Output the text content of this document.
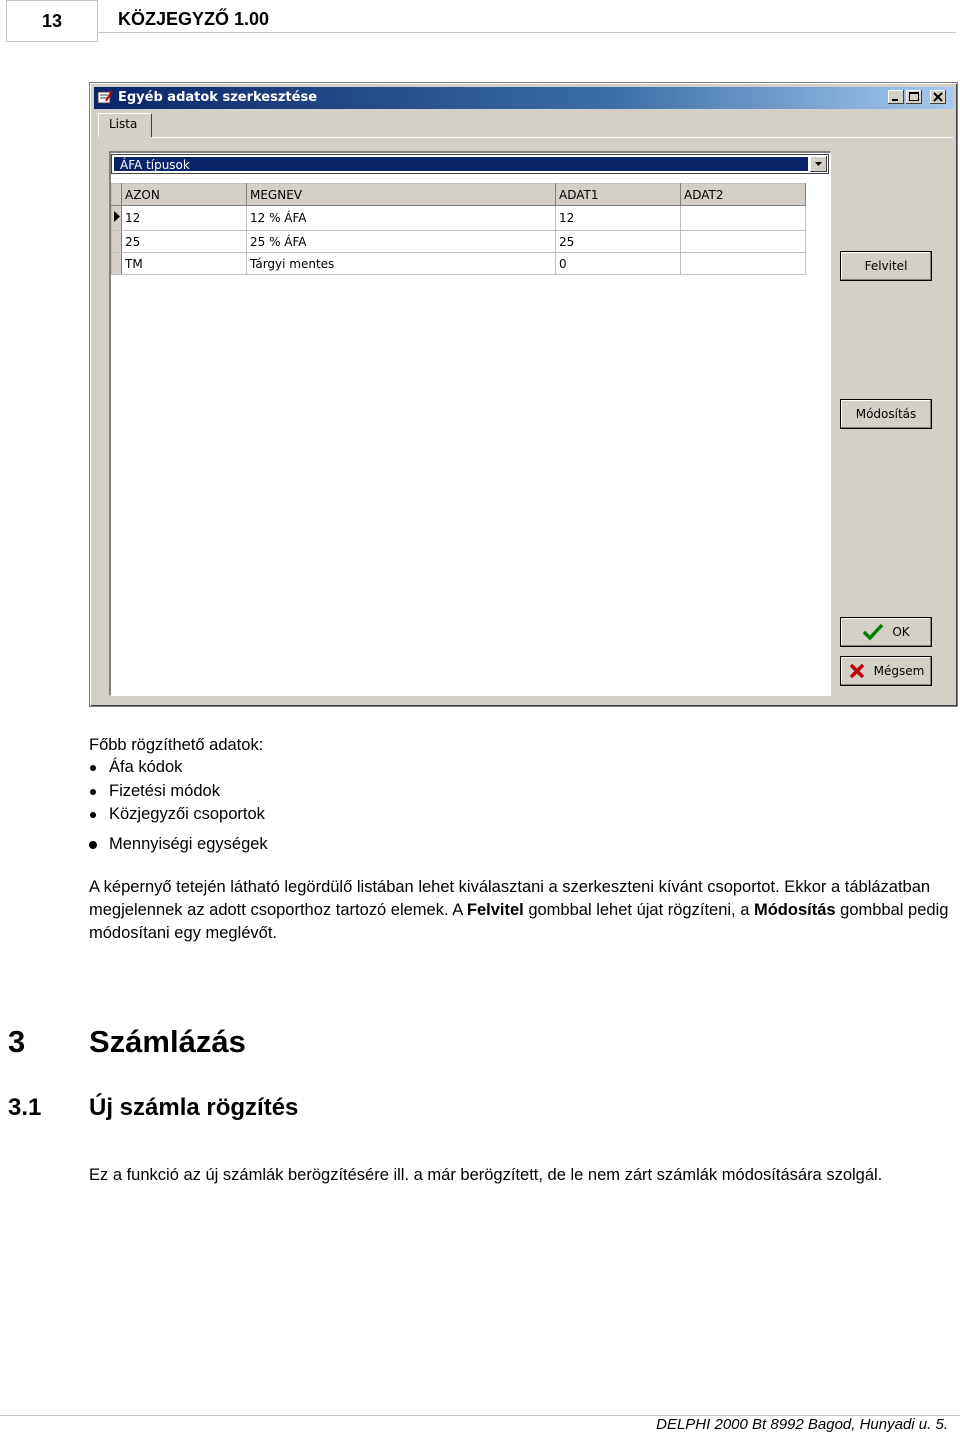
13	KÖZJEGYZŐ 1.00
Egyéb adatok szerkesztése
Lista
ÁFA típusok
	AZON	MEGNEV	ADAT1	ADAT2
	12	12 % ÁFA	12	
	25	25 % ÁFA	25	
	TM	Tárgyi mentes	0		Felvitel
Módosítás
OK
Mégsem
Főbb rögzíthető adatok:
Áfa kódok
Fizetési módok
Közjegyzői csoportok
Mennyiségi egységek
A képernyő tetején látható legördülő listában lehet kiválasztani a szerkeszteni kívánt csoportot. Ekkor a táblázatban megjelennek az adott csoporthoz tartozó elemek. A Felvitel gombbal lehet újat rögzíteni, a Módosítás gombbal pedig módosítani egy meglévőt.
3 Számlázás
3.1 Új számla rögzítés
Ez a funkció az új számlák berögzítésére ill. a már berögzített, de le nem zárt számlák módosítására szolgál.
DELPHI 2000 Bt 8992 Bagod, Hunyadi u. 5.
